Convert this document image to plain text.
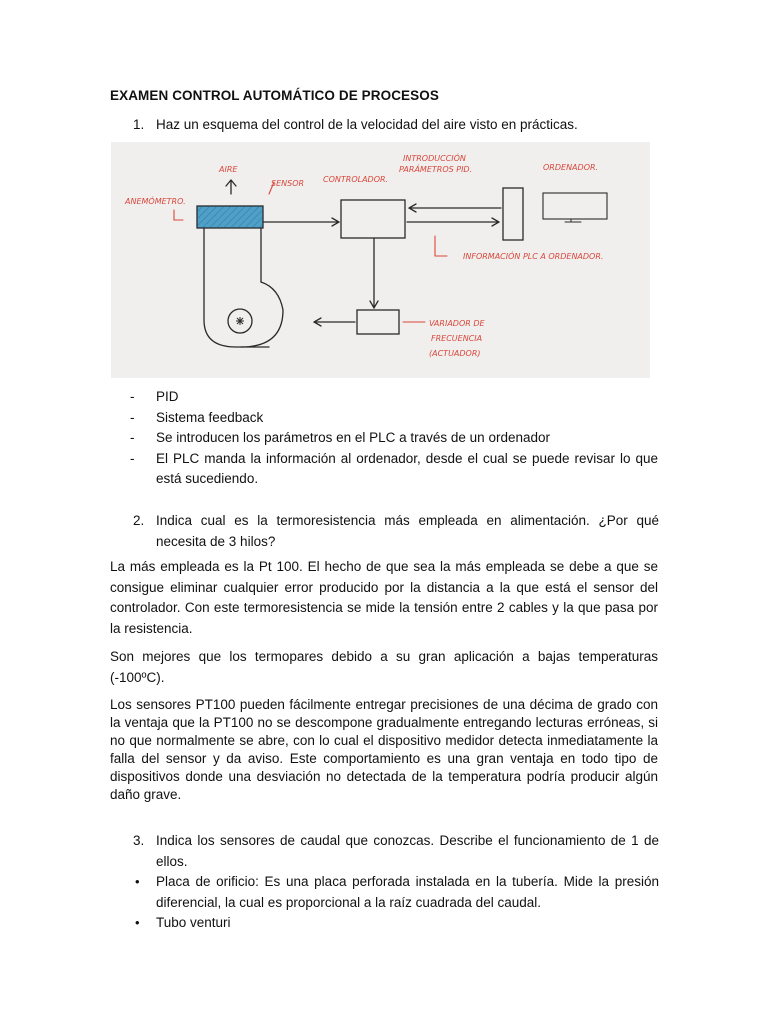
EXAMEN CONTROL AUTOMÁTICO DE PROCESOS
1. Haz un esquema del control de la velocidad del aire visto en prácticas.
AIRE
SENSOR
ANEMÓMETRO.
CONTROLADOR.
INTRODUCCIÓN
PARÁMETROS PID.	ORDENADOR.
INFORMACIÓN PLC A ORDENADOR.
VARIADOR DE
FRECUENCIA
(ACTUADOR)
- PID
- Sistema feedback
- Se introducen los parámetros en el PLC a través de un ordenador
- El PLC manda la información al ordenador, desde el cual se puede revisar lo que está sucediendo.
2. Indica cual es la termoresistencia más empleada en alimentación. ¿Por qué necesita de 3 hilos?

La más empleada es la Pt 100. El hecho de que sea la más empleada se debe a que se consigue eliminar cualquier error producido por la distancia a la que está el sensor del controlador. Con este termoresistencia se mide la tensión entre 2 cables y la que pasa por la resistencia.

Son mejores que los termopares debido a su gran aplicación a bajas temperaturas (-100ºC).

Los sensores PT100 pueden fácilmente entregar precisiones de una décima de grado con la ventaja que la PT100 no se descompone gradualmente entregando lecturas erróneas, si no que normalmente se abre, con lo cual el dispositivo medidor detecta inmediatamente la falla del sensor y da aviso. Este comportamiento es una gran ventaja en todo tipo de dispositivos donde una desviación no detectada de la temperatura podría producir algún daño grave.

3. Indica los sensores de caudal que conozcas. Describe el funcionamiento de 1 de ellos.
• Placa de orificio: Es una placa perforada instalada en la tubería. Mide la presión diferencial, la cual es proporcional a la raíz cuadrada del caudal.
• Tubo venturi
